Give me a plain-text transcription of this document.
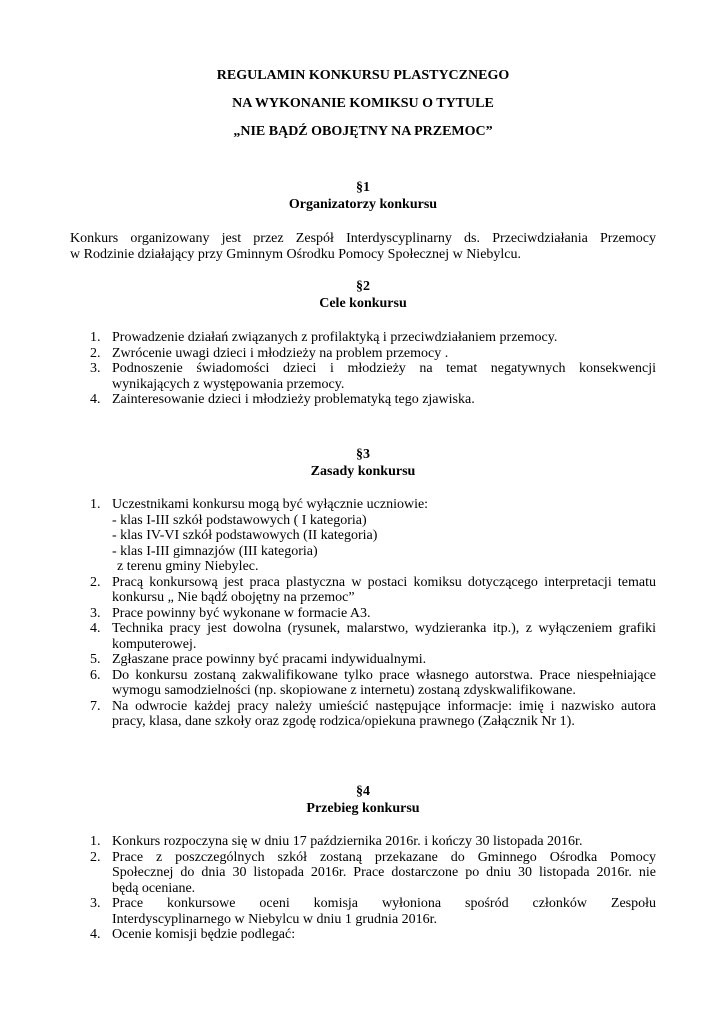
REGULAMIN KONKURSU PLASTYCZNEGO
NA WYKONANIE KOMIKSU O TYTULE
„NIE BĄDŹ OBOJĘTNY NA PRZEMOC”
§1
Organizatorzy konkursu
Konkurs organizowany jest przez Zespół Interdyscyplinarny ds. Przeciwdziałania Przemocy
w Rodzinie działający przy Gminnym Ośrodku Pomocy Społecznej w Niebylcu.
§2
Cele konkursu
1. Prowadzenie działań związanych z profilaktyką i przeciwdziałaniem przemocy.
2. Zwrócenie uwagi dzieci i młodzieży na problem przemocy .
3. Podnoszenie świadomości dzieci i młodzieży na temat negatywnych konsekwencji
wynikających z występowania przemocy.
4. Zainteresowanie dzieci i młodzieży problematyką tego zjawiska.
§3
Zasady konkursu
1. Uczestnikami konkursu mogą być wyłącznie uczniowie:
- klas I-III szkół podstawowych ( I kategoria)
- klas IV-VI szkół podstawowych (II kategoria)
- klas I-III gimnazjów (III kategoria)
z terenu gminy Niebylec.
2. Pracą konkursową jest praca plastyczna w postaci komiksu dotyczącego interpretacji tematu
konkursu „ Nie bądź obojętny na przemoc”
3. Prace powinny być wykonane w formacie A3.
4. Technika pracy jest dowolna (rysunek, malarstwo, wydzieranka itp.), z wyłączeniem grafiki
komputerowej.
5. Zgłaszane prace powinny być pracami indywidualnymi.
6. Do konkursu zostaną zakwalifikowane tylko prace własnego autorstwa. Prace niespełniające
wymogu samodzielności (np. skopiowane z internetu) zostaną zdyskwalifikowane.
7. Na odwrocie każdej pracy należy umieścić następujące informacje: imię i nazwisko autora
pracy, klasa, dane szkoły oraz zgodę rodzica/opiekuna prawnego (Załącznik Nr 1).
§4
Przebieg konkursu
1. Konkurs rozpoczyna się w dniu 17 października 2016r. i kończy 30 listopada 2016r.
2. Prace z poszczególnych szkół zostaną przekazane do Gminnego Ośrodka Pomocy
Społecznej do dnia 30 listopada 2016r. Prace dostarczone po dniu 30 listopada 2016r. nie
będą oceniane.
3. Prace konkursowe oceni komisja wyłoniona spośród członków Zespołu
Interdyscyplinarnego w Niebylcu w dniu 1 grudnia 2016r.
4. Ocenie komisji będzie podlegać:
